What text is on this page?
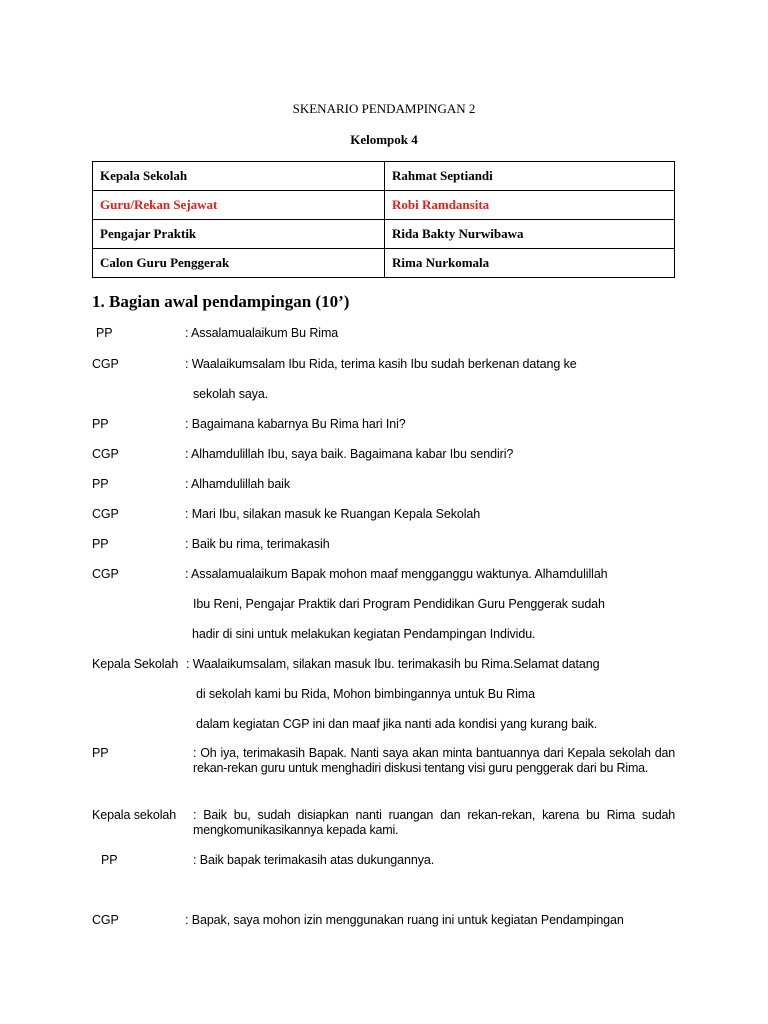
SKENARIO PENDAMPINGAN 2
Kelompok 4
Kepala Sekolah	Rahmat Septiandi
Guru/Rekan Sejawat	Robi Ramdansita
Pengajar Praktik	Rida Bakty Nurwibawa
Calon Guru Penggerak	Rima Nurkomala
1. Bagian awal pendampingan (10’)
PP	: Assalamualaikum Bu Rima
CGP	: Waalaikumsalam Ibu Rida, terima kasih Ibu sudah berkenan datang ke
sekolah saya.
PP	: Bagaimana kabarnya Bu Rima hari Ini?
CGP	: Alhamdulillah Ibu, saya baik. Bagaimana kabar Ibu sendiri?
PP	: Alhamdulillah baik
CGP	: Mari Ibu, silakan masuk ke Ruangan Kepala Sekolah
PP	: Baik bu rima, terimakasih
CGP	: Assalamualaikum Bapak mohon maaf mengganggu waktunya. Alhamdulillah
Ibu Reni, Pengajar Praktik dari Program Pendidikan Guru Penggerak sudah
hadir di sini untuk melakukan kegiatan Pendampingan Individu.
Kepala Sekolah : Waalaikumsalam, silakan masuk Ibu. terimakasih bu Rima.Selamat datang
di sekolah kami bu Rida, Mohon bimbingannya untuk Bu Rima
dalam kegiatan CGP ini dan maaf jika nanti ada kondisi yang kurang baik.
PP	: Oh iya, terimakasih Bapak. Nanti saya akan minta bantuannya dari Kepala sekolah dan rekan-rekan guru untuk menghadiri diskusi tentang visi guru penggerak dari bu Rima.
Kepala sekolah : Baik bu, sudah disiapkan nanti ruangan dan rekan-rekan, karena bu Rima sudah mengkomunikasikannya kepada kami.
PP	: Baik bapak terimakasih atas dukungannya.
CGP	: Bapak, saya mohon izin menggunakan ruang ini untuk kegiatan Pendampingan
